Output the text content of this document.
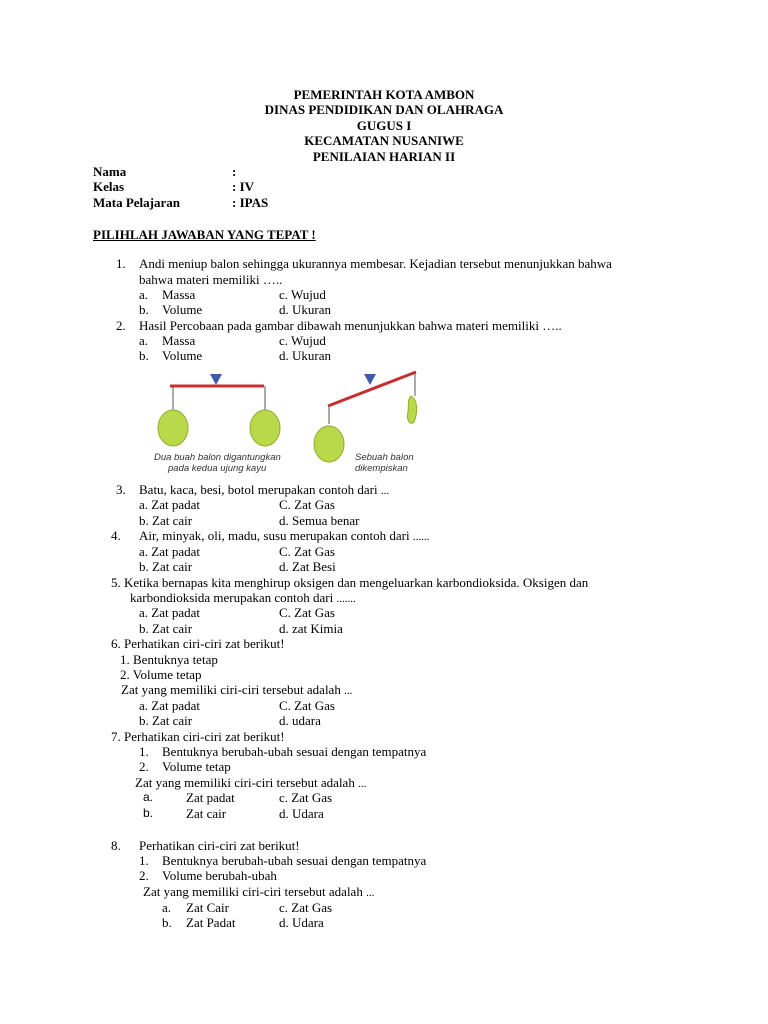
PEMERINTAH KOTA AMBON
DINAS PENDIDIKAN DAN OLAHRAGA
GUGUS I
KECAMATAN NUSANIWE
PENILAIAN HARIAN II
Nama	:
Kelas	: IV
Mata Pelajaran	: IPAS
PILIHLAH JAWABAN YANG TEPAT !
1. Andi meniup balon sehingga ukurannya membesar. Kejadian tersebut menunjukkan bahwa
bahwa materi memiliki …..
a. Massa	c. Wujud
b. Volume	d. Ukuran
2. Hasil Percobaan pada gambar dibawah menunjukkan bahwa materi memiliki …..
a. Massa	c. Wujud
b. Volume	d. Ukuran
Dua buah balon digantungkan
pada kedua ujung kayu
Sebuah balon
dikempiskan
3. Batu, kaca, besi, botol merupakan contoh dari ...
a. Zat padat	C. Zat Gas
b. Zat cair	d. Semua benar
4. Air, minyak, oli, madu, susu merupakan contoh dari ......
a. Zat padat	C. Zat Gas
b. Zat cair	d. Zat Besi
5. Ketika bernapas kita menghirup oksigen dan mengeluarkan karbondioksida. Oksigen dan
karbondioksida merupakan contoh dari .......
a. Zat padat	C. Zat Gas
b. Zat cair	d. zat Kimia
6. Perhatikan ciri-ciri zat berikut!
1. Bentuknya tetap
2. Volume tetap
Zat yang memiliki ciri-ciri tersebut adalah ...
a. Zat padat	C. Zat Gas
b. Zat cair	d. udara
7. Perhatikan ciri-ciri zat berikut!
1. Bentuknya berubah-ubah sesuai dengan tempatnya
2. Volume tetap
Zat yang memiliki ciri-ciri tersebut adalah ...
a.	Zat padat	c. Zat Gas
b.	Zat cair	d. Udara
8. Perhatikan ciri-ciri zat berikut!
1. Bentuknya berubah-ubah sesuai dengan tempatnya
2. Volume berubah-ubah
Zat yang memiliki ciri-ciri tersebut adalah ...
a. Zat Cair	c. Zat Gas
b. Zat Padat	d. Udara
